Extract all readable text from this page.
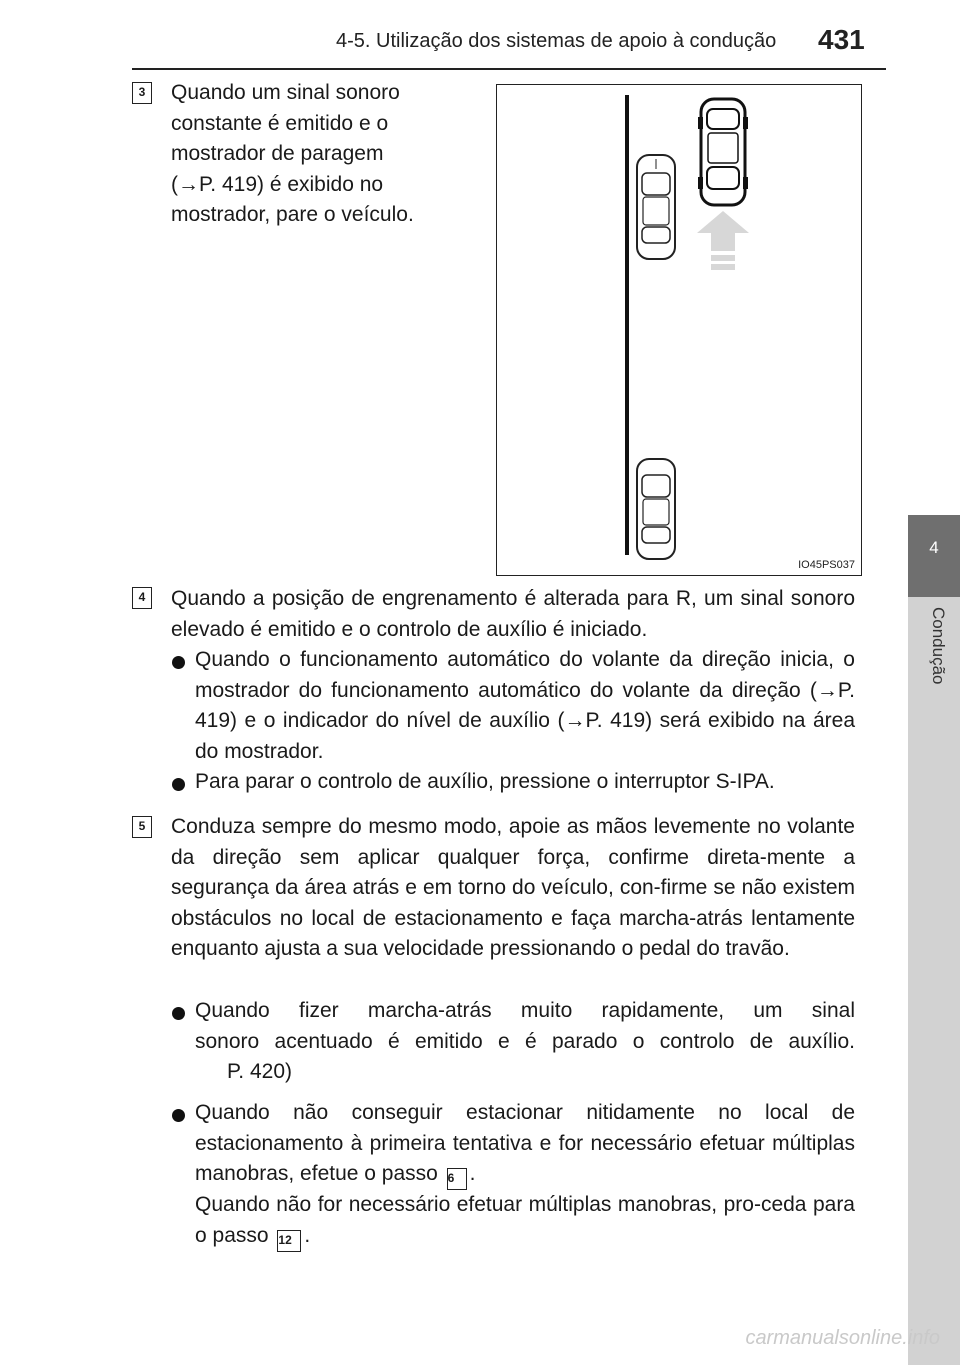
4-5. Utilização dos sistemas de apoio à condução 431
4
Condução
3	Quando um sinal sonoro
constante é emitido e o
mostrador de paragem
(→P. 419) é exibido no
mostrador, pare o veículo.
IO45PS037
4	Quando a posição de engrenamento é alterada para R, um sinal sonoro elevado é emitido e o controlo de auxílio é iniciado.
Quando o funcionamento automático do volante da direção inicia, o mostrador do funcionamento automático do volante da direção (→P. 419) e o indicador do nível de auxílio (→P. 419) será exibido na área do mostrador.
Para parar o controlo de auxílio, pressione o interruptor S-IPA.
5	Conduza sempre do mesmo modo, apoie as mãos levemente no volante da direção sem aplicar qualquer força, confirme direta-mente a segurança da área atrás e em torno do veículo, con-firme se não existem obstáculos no local de estacionamento e faça marcha-atrás lentamente enquanto ajusta a sua velocidade pressionando o pedal do travão.
Quando fizer marcha-atrás muito rapidamente, um sinal
sonoro acentuado é emitido e é parado o controlo de auxílio.
P. 420)
Quando não conseguir estacionar nitidamente no local de estacionamento à primeira tentativa e for necessário efetuar múltiplas manobras, efetue o passo 6 .
Quando não for necessário efetuar múltiplas manobras, pro-ceda para o passo 12 .
carmanualsonline.info
